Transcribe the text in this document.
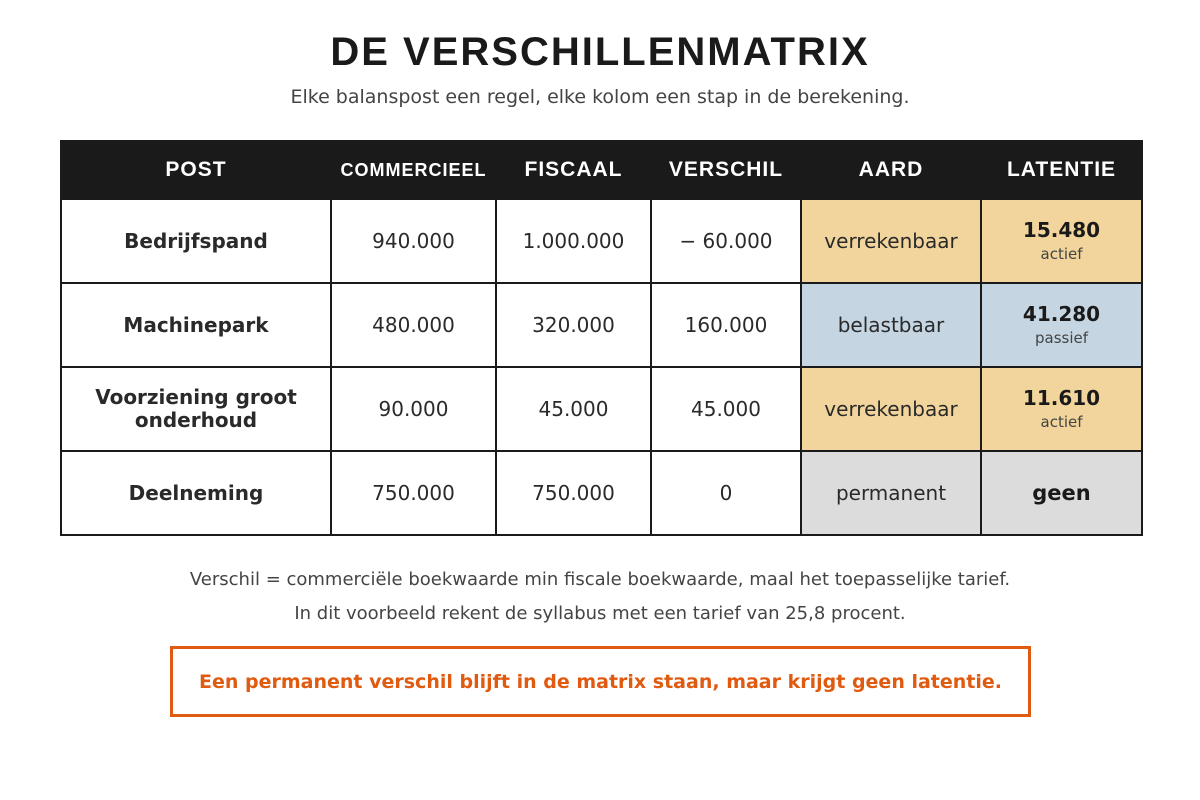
DE VERSCHILLENMATRIX
Elke balanspost een regel, elke kolom een stap in de berekening.
POST	COMMERCIEEL	FISCAAL	VERSCHIL	AARD	LATENTIE
Bedrijfspand	940.000	1.000.000	− 60.000	verrekenbaar	15.480
actief

Machinepark	480.000	320.000	160.000	belastbaar	41.280
passief

Voorziening groot onderhoud	90.000	45.000	45.000	verrekenbaar	11.610
actief

Deelneming	750.000	750.000	0	permanent	geen
Verschil = commerciële boekwaarde min fiscale boekwaarde, maal het toepasselijke tarief.
In dit voorbeeld rekent de syllabus met een tarief van 25,8 procent.
Een permanent verschil blijft in de matrix staan, maar krijgt geen latentie.
